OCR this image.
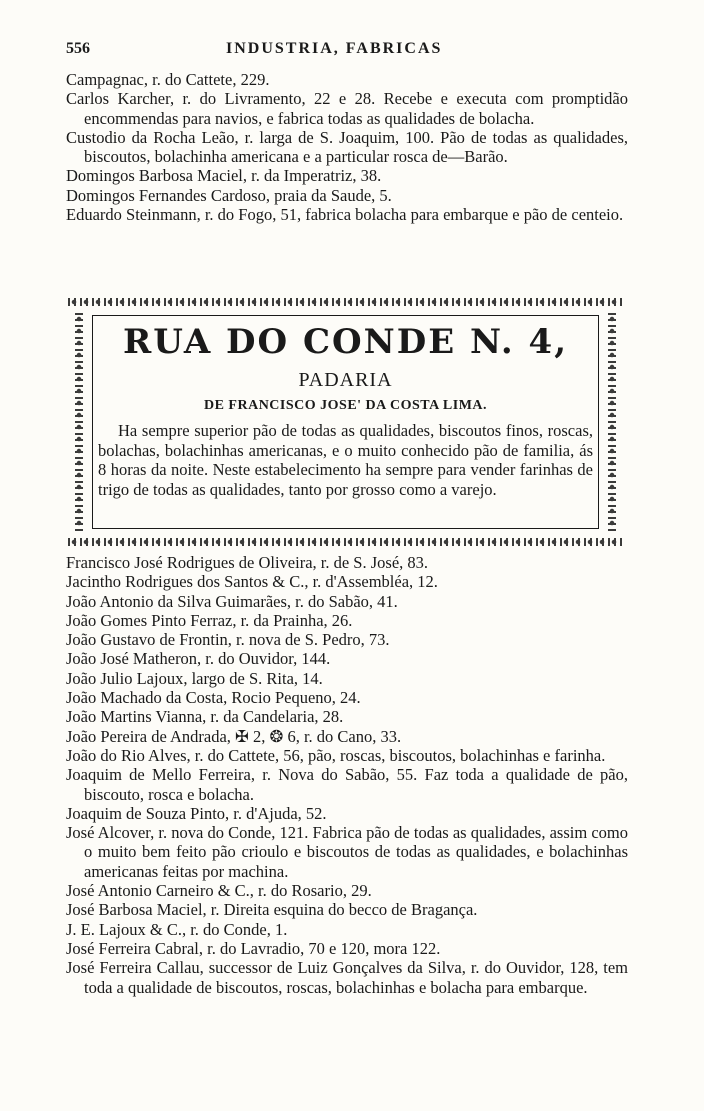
556	INDUSTRIA, FABRICAS
Campagnac, r. do Cattete, 229.
Carlos Karcher, r. do Livramento, 22 e 28. Recebe e executa com promptidão encommendas para navios, e fabrica todas as qualidades de bolacha.
Custodio da Rocha Leão, r. larga de S. Joaquim, 100. Pão de todas as qualidades, biscoutos, bolachinha americana e a particular rosca de—Barão.
Domingos Barbosa Maciel, r. da Imperatriz, 38.
Domingos Fernandes Cardoso, praia da Saude, 5.
Eduardo Steinmann, r. do Fogo, 51, fabrica bolacha para embarque e pão de centeio.
RUA DO CONDE N. 4,
PADARIA
DE FRANCISCO JOSE' DA COSTA LIMA.
Ha sempre superior pão de todas as qualidades, biscoutos finos, roscas, bolachas, bolachinhas americanas, e o muito conhecido pão de familia, ás 8 horas da noite. Neste estabelecimento ha sempre para vender farinhas de trigo de todas as qualidades, tanto por grosso como a varejo.
Francisco José Rodrigues de Oliveira, r. de S. José, 83.
Jacintho Rodrigues dos Santos & C., r. d'Assembléa, 12.
João Antonio da Silva Guimarães, r. do Sabão, 41.
João Gomes Pinto Ferraz, r. da Prainha, 26.
João Gustavo de Frontin, r. nova de S. Pedro, 73.
João José Matheron, r. do Ouvidor, 144.
João Julio Lajoux, largo de S. Rita, 14.
João Machado da Costa, Rocio Pequeno, 24.
João Martins Vianna, r. da Candelaria, 28.
João Pereira de Andrada, ✠ 2, ❂ 6, r. do Cano, 33.
João do Rio Alves, r. do Cattete, 56, pão, roscas, biscoutos, bolachinhas e farinha.
Joaquim de Mello Ferreira, r. Nova do Sabão, 55. Faz toda a qualidade de pão, biscouto, rosca e bolacha.
Joaquim de Souza Pinto, r. d'Ajuda, 52.
José Alcover, r. nova do Conde, 121. Fabrica pão de todas as qualidades, assim como o muito bem feito pão crioulo e biscoutos de todas as qualidades, e bolachinhas americanas feitas por machina.
José Antonio Carneiro & C., r. do Rosario, 29.
José Barbosa Maciel, r. Direita esquina do becco de Bragança.
J. E. Lajoux & C., r. do Conde, 1.
José Ferreira Cabral, r. do Lavradio, 70 e 120, mora 122.
José Ferreira Callau, successor de Luiz Gonçalves da Silva, r. do Ouvidor, 128, tem toda a qualidade de biscoutos, roscas, bolachinhas e bolacha para embarque.
